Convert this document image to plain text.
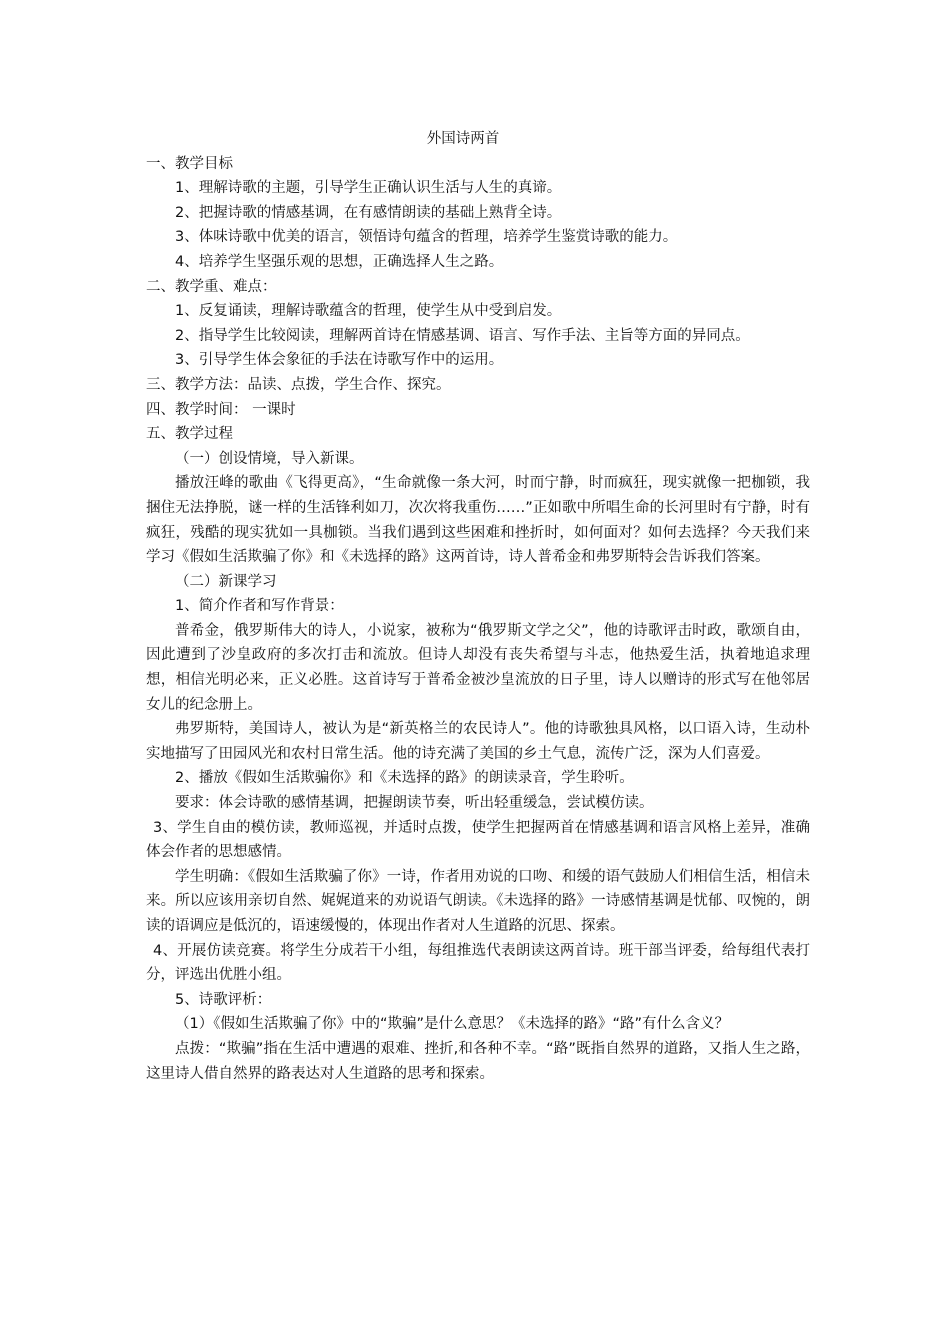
外国诗两首

一、教学目标

1、理解诗歌的主题，引导学生正确认识生活与人生的真谛。

2、把握诗歌的情感基调，在有感情朗读的基础上熟背全诗。

3、体味诗歌中优美的语言，领悟诗句蕴含的哲理，培养学生鉴赏诗歌的能力。

4、培养学生坚强乐观的思想，正确选择人生之路。

二、教学重、难点：

1、反复诵读，理解诗歌蕴含的哲理，使学生从中受到启发。

2、指导学生比较阅读，理解两首诗在情感基调、语言、写作手法、主旨等方面的异同点。

3、引导学生体会象征的手法在诗歌写作中的运用。

三、教学方法：品读、点拨，学生合作、探究。

四、教学时间： 一课时

五、教学过程

（一）创设情境，导入新课。

播放汪峰的歌曲《飞得更高》，“生命就像一条大河，时而宁静，时而疯狂，现实就像一把枷锁，我捆住无法挣脱，谜一样的生活锋利如刀，次次将我重伤……”正如歌中所唱生命的长河里时有宁静，时有疯狂，残酷的现实犹如一具枷锁。当我们遇到这些困难和挫折时，如何面对？如何去选择？今天我们来学习《假如生活欺骗了你》和《未选择的路》这两首诗，诗人普希金和弗罗斯特会告诉我们答案。

（二）新课学习

1、简介作者和写作背景：

普希金，俄罗斯伟大的诗人，小说家，被称为“俄罗斯文学之父”，他的诗歌评击时政，歌颂自由，因此遭到了沙皇政府的多次打击和流放。但诗人却没有丧失希望与斗志，他热爱生活，执着地追求理想，相信光明必来，正义必胜。这首诗写于普希金被沙皇流放的日子里，诗人以赠诗的形式写在他邻居女儿的纪念册上。

弗罗斯特，美国诗人，被认为是“新英格兰的农民诗人”。他的诗歌独具风格，以口语入诗，生动朴实地描写了田园风光和农村日常生活。他的诗充满了美国的乡土气息，流传广泛，深为人们喜爱。

2、播放《假如生活欺骗你》和《未选择的路》的朗读录音，学生聆听。

要求：体会诗歌的感情基调，把握朗读节奏，听出轻重缓急，尝试模仿读。

3、学生自由的模仿读，教师巡视，并适时点拨，使学生把握两首在情感基调和语言风格上差异，准确体会作者的思想感情。

学生明确：《假如生活欺骗了你》一诗，作者用劝说的口吻、和缓的语气鼓励人们相信生活，相信未来。所以应该用亲切自然、娓娓道来的劝说语气朗读。《未选择的路》一诗感情基调是忧郁、叹惋的，朗读的语调应是低沉的，语速缓慢的，体现出作者对人生道路的沉思、探索。

4、开展仿读竞赛。将学生分成若干小组，每组推选代表朗读这两首诗。班干部当评委，给每组代表打分，评选出优胜小组。

5、诗歌评析：

（1）《假如生活欺骗了你》中的“欺骗”是什么意思？《未选择的路》“路”有什么含义？

点拨：“欺骗”指在生活中遭遇的艰难、挫折,和各种不幸。“路”既指自然界的道路，又指人生之路，这里诗人借自然界的路表达对人生道路的思考和探索。
